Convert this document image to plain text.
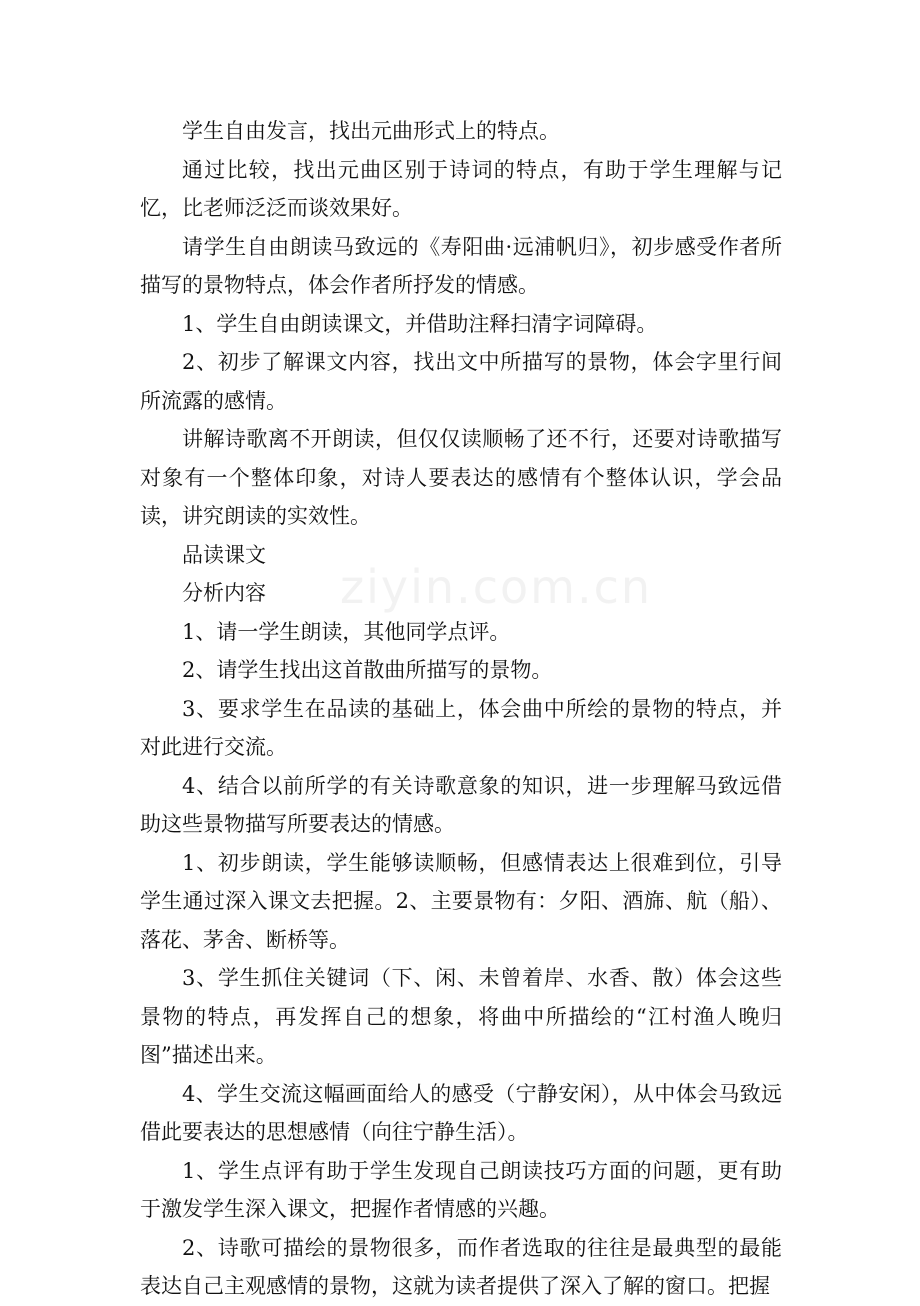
ziyin.com.cn

学生自由发言，找出元曲形式上的特点。

通过比较，找出元曲区别于诗词的特点，有助于学生理解与记忆，比老师泛泛而谈效果好。

请学生自由朗读马致远的《寿阳曲·远浦帆归》，初步感受作者所描写的景物特点，体会作者所抒发的情感。

1、学生自由朗读课文，并借助注释扫清字词障碍。

2、初步了解课文内容，找出文中所描写的景物，体会字里行间所流露的感情。

讲解诗歌离不开朗读，但仅仅读顺畅了还不行，还要对诗歌描写对象有一个整体印象，对诗人要表达的感情有个整体认识，学会品读，讲究朗读的实效性。

品读课文

分析内容

1、请一学生朗读，其他同学点评。

2、请学生找出这首散曲所描写的景物。

3、要求学生在品读的基础上，体会曲中所绘的景物的特点，并对此进行交流。

4、结合以前所学的有关诗歌意象的知识，进一步理解马致远借助这些景物描写所要表达的情感。

1、初步朗读，学生能够读顺畅，但感情表达上很难到位，引导学生通过深入课文去把握。2、主要景物有：夕阳、酒旆、航（船）、落花、茅舍、断桥等。

3、学生抓住关键词（下、闲、未曾着岸、水香、散）体会这些景物的特点，再发挥自己的想象，将曲中所描绘的“江村渔人晚归图”描述出来。

4、学生交流这幅画面给人的感受（宁静安闲），从中体会马致远借此要表达的思想感情（向往宁静生活）。

1、学生点评有助于学生发现自己朗读技巧方面的问题，更有助于激发学生深入课文，把握作者情感的兴趣。

2、诗歌可描绘的景物很多，而作者选取的往往是最典型的最能表达自己主观感情的景物，这就为读者提供了深入了解的窗口。把握
